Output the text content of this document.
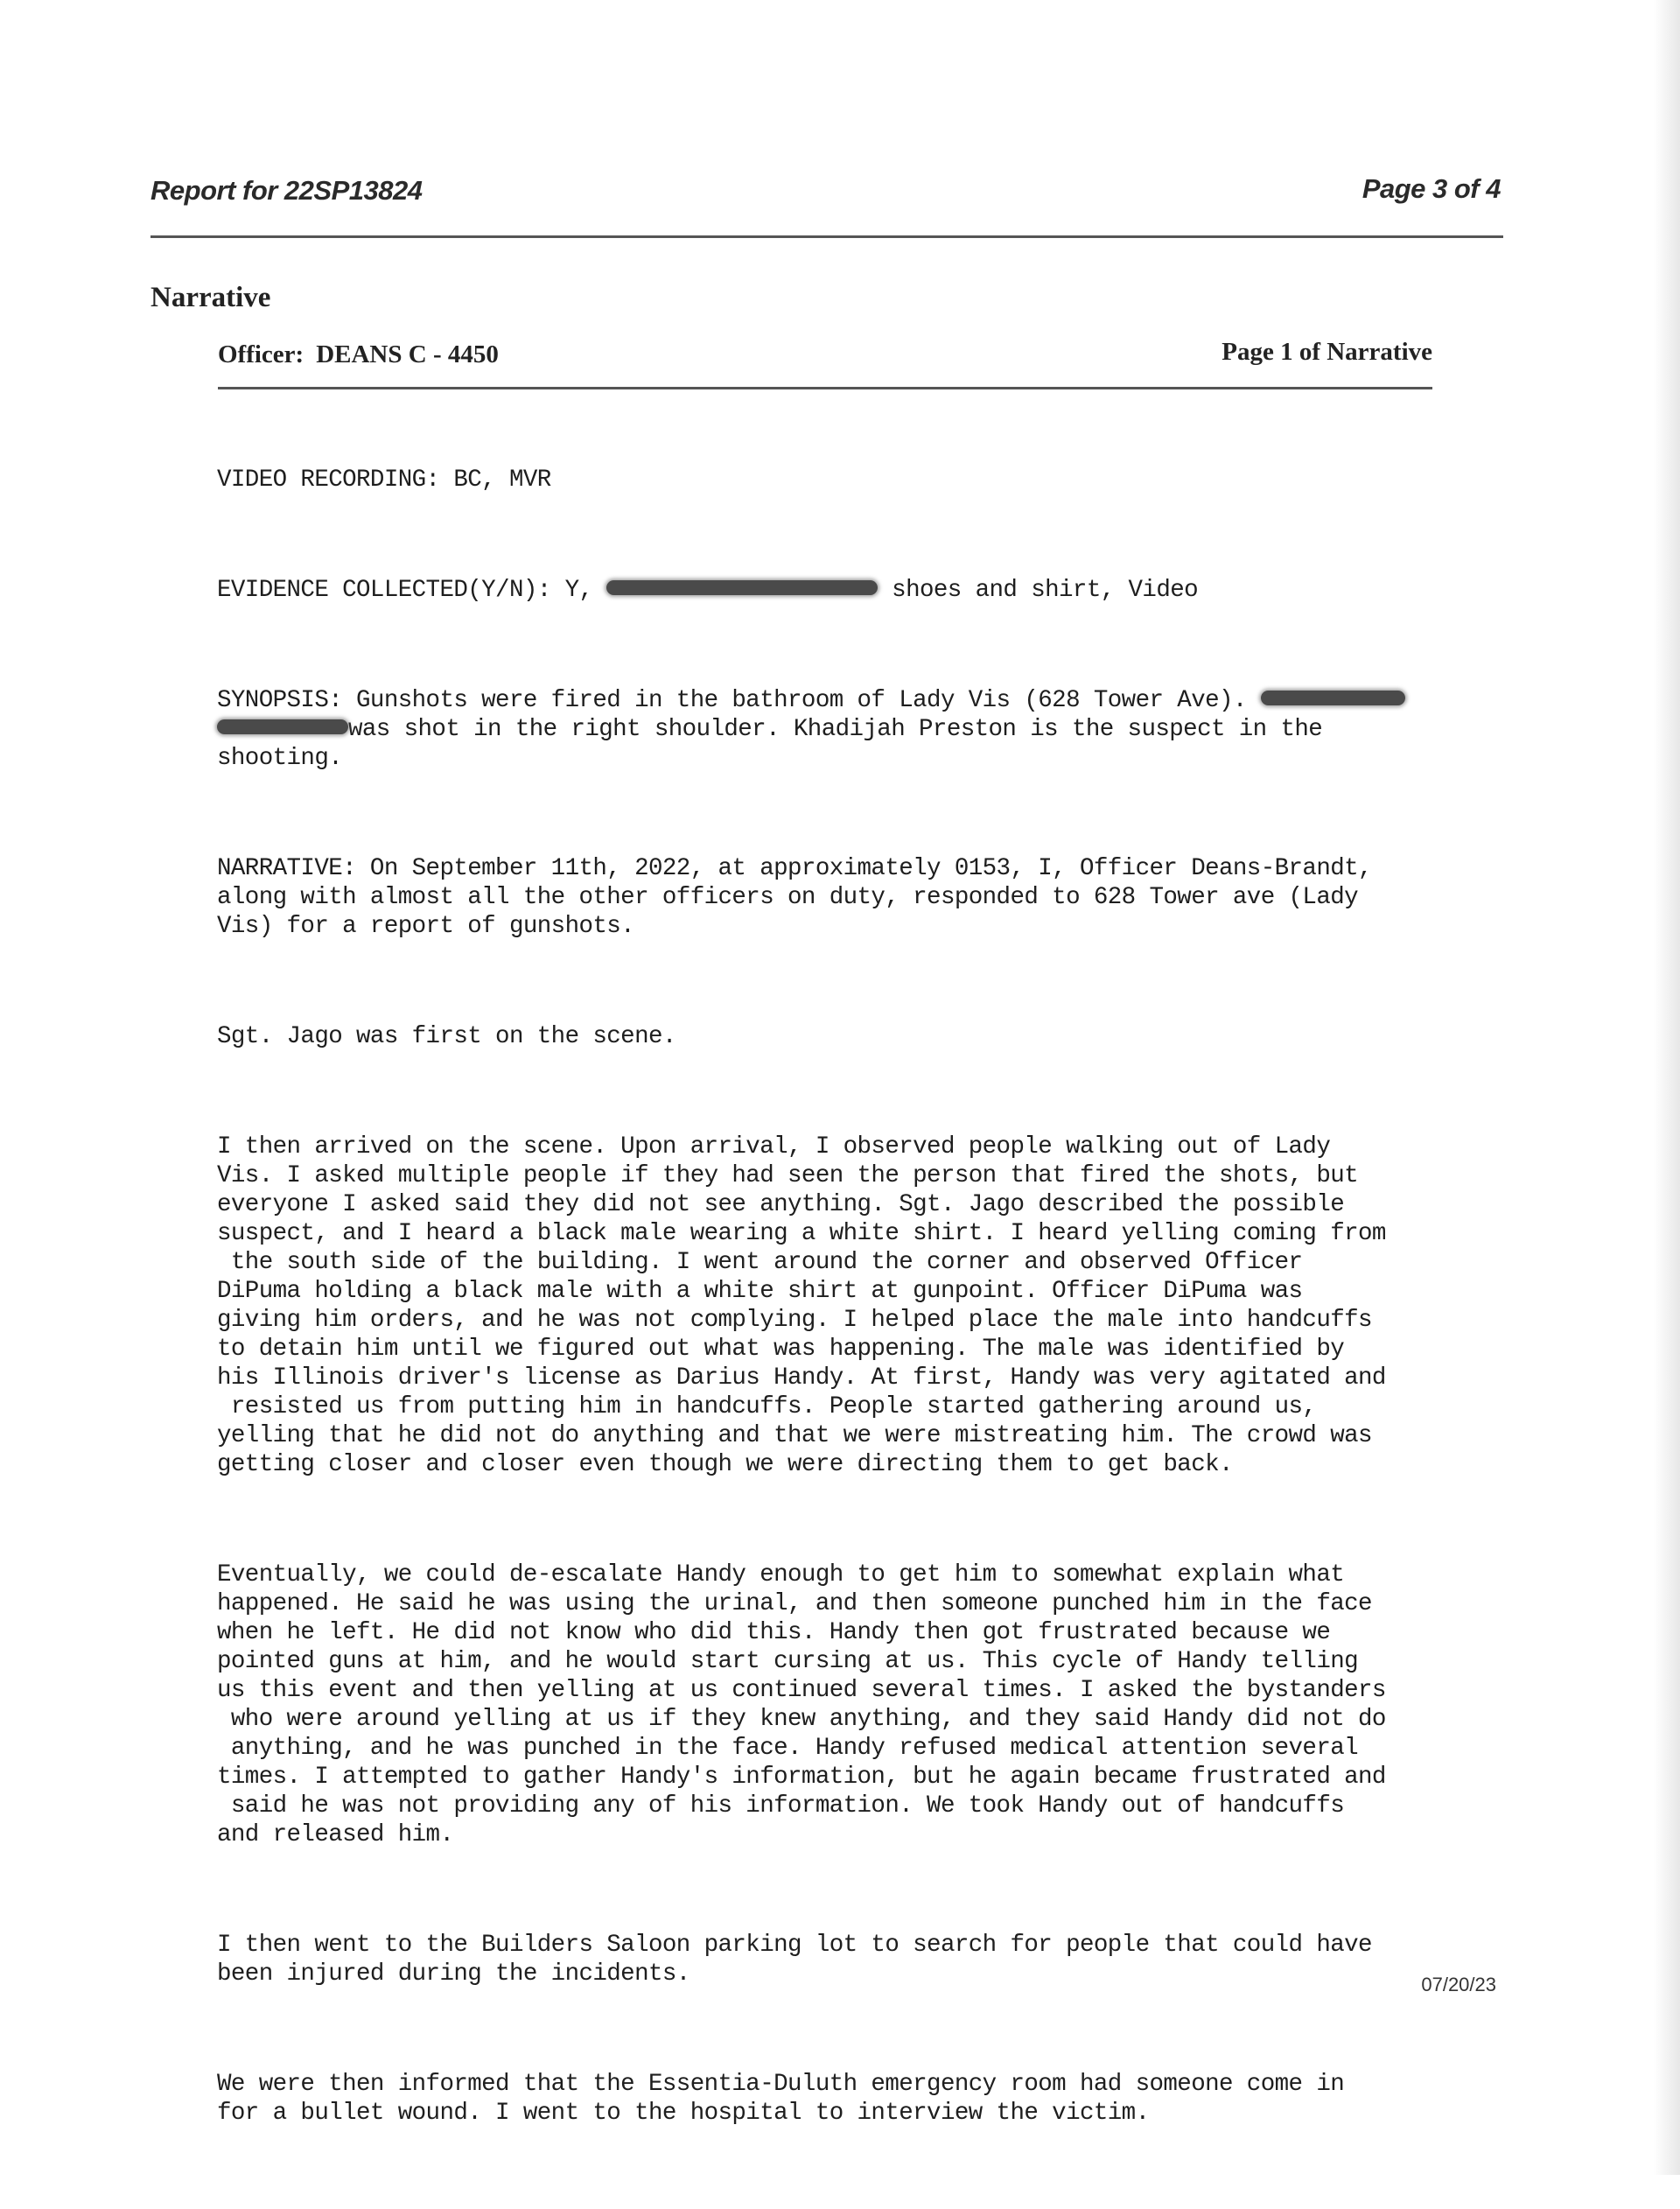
Report for 22SP13824	Page 3 of 4
Narrative
Officer: DEANS C - 4450	Page 1 of Narrative

VIDEO RECORDING: BC, MVR

EVIDENCE COLLECTED(Y/N): Y,	shoes and shirt, Video

SYNOPSIS: Gunshots were fired in the bathroom of Lady Vis (628 Tower Ave).
was shot in the right shoulder. Khadijah Preston is the suspect in the
shooting.

NARRATIVE: On September 11th, 2022, at approximately 0153, I, Officer Deans-Brandt,
along with almost all the other officers on duty, responded to 628 Tower ave (Lady
Vis) for a report of gunshots.

Sgt. Jago was first on the scene.

I then arrived on the scene. Upon arrival, I observed people walking out of Lady
Vis. I asked multiple people if they had seen the person that fired the shots, but
everyone I asked said they did not see anything. Sgt. Jago described the possible
suspect, and I heard a black male wearing a white shirt. I heard yelling coming from
the south side of the building. I went around the corner and observed Officer
DiPuma holding a black male with a white shirt at gunpoint. Officer DiPuma was
giving him orders, and he was not complying. I helped place the male into handcuffs
to detain him until we figured out what was happening. The male was identified by
his Illinois driver's license as Darius Handy. At first, Handy was very agitated and
resisted us from putting him in handcuffs. People started gathering around us,
yelling that he did not do anything and that we were mistreating him. The crowd was
getting closer and closer even though we were directing them to get back.

Eventually, we could de-escalate Handy enough to get him to somewhat explain what
happened. He said he was using the urinal, and then someone punched him in the face
when he left. He did not know who did this. Handy then got frustrated because we
pointed guns at him, and he would start cursing at us. This cycle of Handy telling
us this event and then yelling at us continued several times. I asked the bystanders
who were around yelling at us if they knew anything, and they said Handy did not do
anything, and he was punched in the face. Handy refused medical attention several
times. I attempted to gather Handy's information, but he again became frustrated and
said he was not providing any of his information. We took Handy out of handcuffs
and released him.

I then went to the Builders Saloon parking lot to search for people that could have
been injured during the incidents.

We were then informed that the Essentia-Duluth emergency room had someone come in
for a bullet wound. I went to the hospital to interview the victim.

07/20/23
